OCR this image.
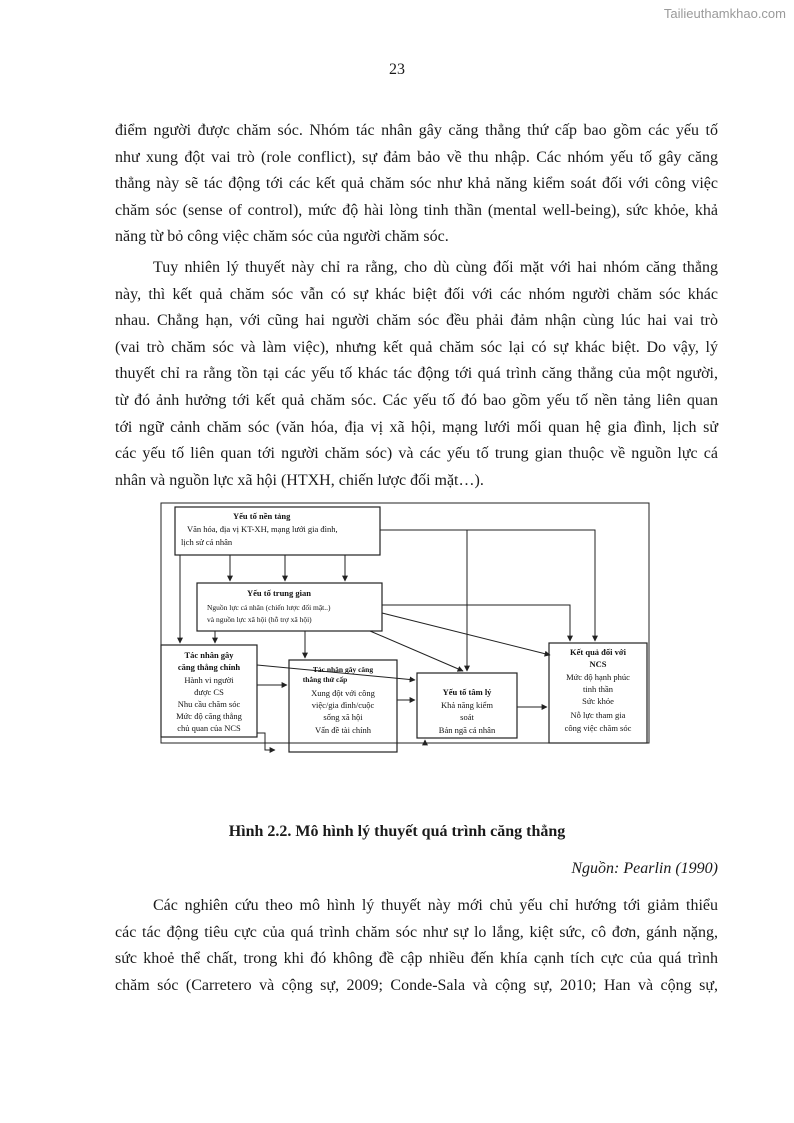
Tailieuthamkhao.com
23

điểm người được chăm sóc. Nhóm tác nhân gây căng thẳng thứ cấp bao gồm các yếu tố
như xung đột vai trò (role conflict), sự đảm bảo về thu nhập. Các nhóm yếu tố gây căng
thẳng này sẽ tác động tới các kết quả chăm sóc như khả năng kiểm soát đối với công việc
chăm sóc (sense of control), mức độ hài lòng tinh thần (mental well-being), sức khỏe, khả
năng từ bỏ công việc chăm sóc của người chăm sóc.

Tuy nhiên lý thuyết này chỉ ra rằng, cho dù cùng đối mặt với hai nhóm căng thẳng
này, thì kết quả chăm sóc vẫn có sự khác biệt đối với các nhóm người chăm sóc khác
nhau. Chẳng hạn, với cũng hai người chăm sóc đều phải đảm nhận cùng lúc hai vai trò
(vai trò chăm sóc và làm việc), nhưng kết quả chăm sóc lại có sự khác biệt. Do vậy, lý
thuyết chỉ ra rằng tồn tại các yếu tố khác tác động tới quá trình căng thẳng của một người,
từ đó ảnh hưởng tới kết quả chăm sóc. Các yếu tố đó bao gồm yếu tố nền tảng liên quan
tới ngữ cảnh chăm sóc (văn hóa, địa vị xã hội, mạng lưới mối quan hệ gia đình, lịch sử
các yếu tố liên quan tới người chăm sóc) và các yếu tố trung gian thuộc về nguồn lực cá
nhân và nguồn lực xã hội (HTXH, chiến lược đối mặt…).

Yếu tố nền tảng
Văn hóa, địa vị KT-XH, mạng lưới gia đình,
lịch sử cá nhân
Yếu tố trung gian
Nguồn lực cá nhân (chiến lược đối mặt..)
và nguồn lực xã hội (hỗ trợ xã hội)
Tác nhân gây
căng thẳng chính
Hành vi người
được CS
Nhu cầu chăm sóc
Mức độ căng thẳng
chủ quan của NCS
Tác nhân gây căng
thẳng thứ cấp
Xung đột với công
việc/gia đình/cuộc
sống xã hội
Vấn đề tài chính
Yếu tố tâm lý
Khả năng kiểm
soát
Bản ngã cá nhân
Kết quả đối với
NCS
Mức độ hạnh phúc
tinh thần
Sức khỏe
Nỗ lực tham gia
công việc chăm sóc
Hình 2.2. Mô hình lý thuyết quá trình căng thẳng
Nguồn: Pearlin (1990)

Các nghiên cứu theo mô hình lý thuyết này mới chủ yếu chỉ hướng tới giảm thiểu
các tác động tiêu cực của quá trình chăm sóc như sự lo lắng, kiệt sức, cô đơn, gánh nặng,
sức khoẻ thể chất, trong khi đó không đề cập nhiều đến khía cạnh tích cực của quá trình
chăm sóc (Carretero và cộng sự, 2009; Conde-Sala và cộng sự, 2010; Han và cộng sự,
